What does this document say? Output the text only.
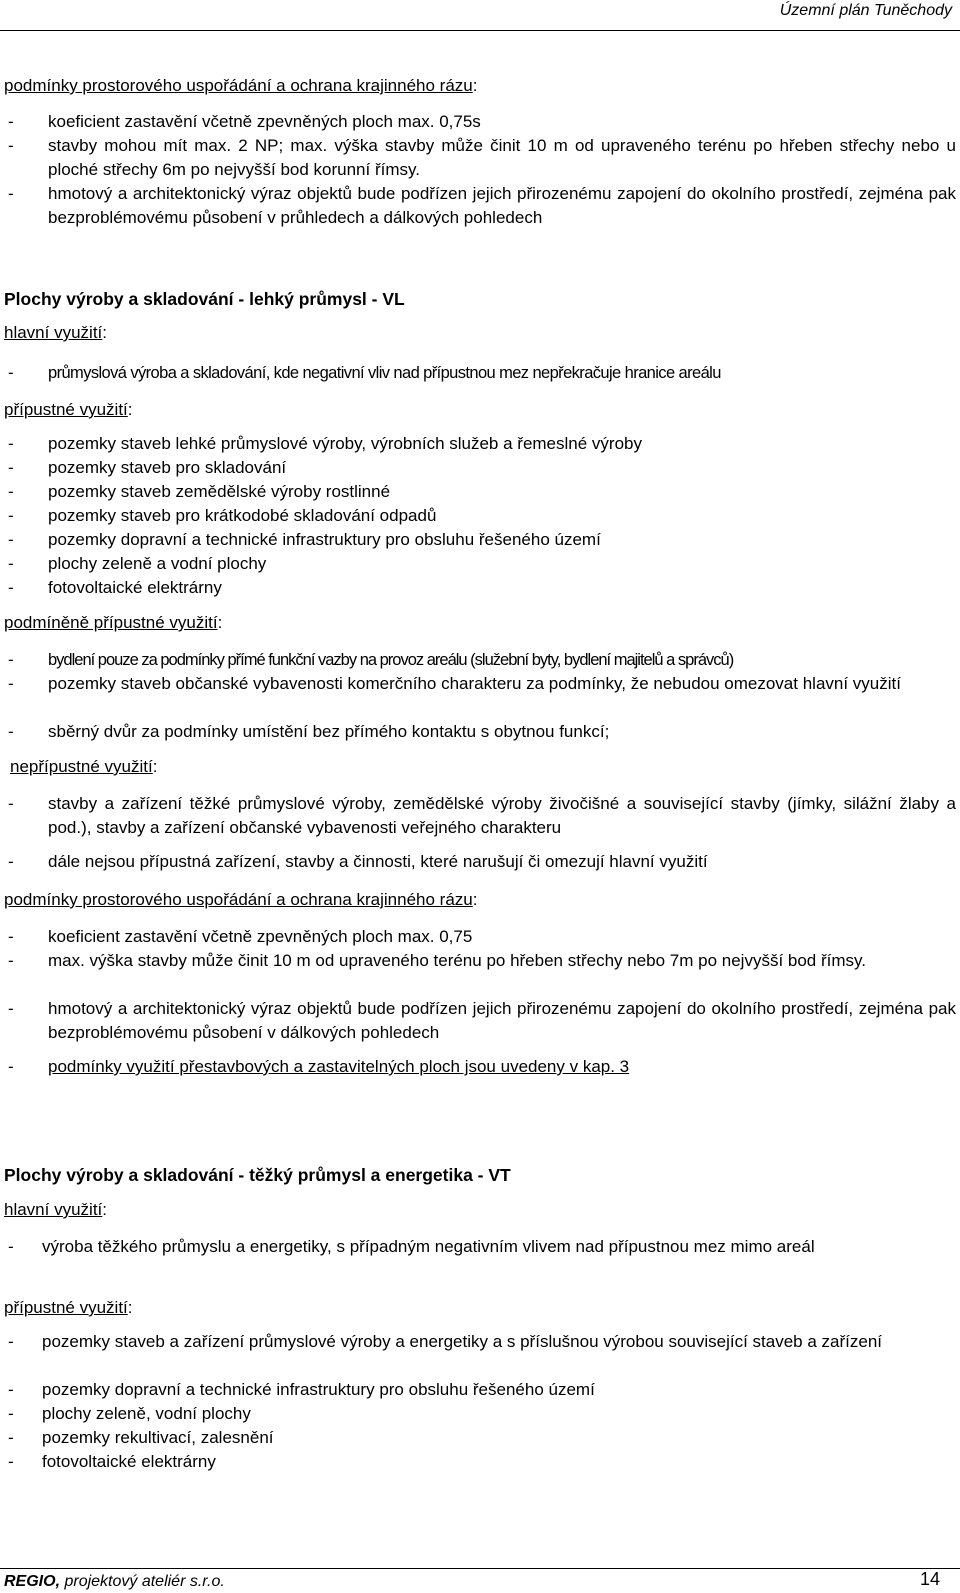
Územní plán Tuněchody
podmínky prostorového uspořádání a ochrana krajinného rázu:
- koeficient zastavění včetně zpevněných ploch max. 0,75s
- stavby mohou mít max. 2 NP; max. výška stavby může činit 10 m od upraveného terénu po hřeben střechy nebo u ploché střechy 6m po nejvyšší bod korunní římsy.
- hmotový a architektonický výraz objektů bude podřízen jejich přirozenému zapojení do okolního prostředí, zejména pak bezproblémovému působení v průhledech a dálkových pohledech
Plochy výroby a skladování - lehký průmysl - VL
hlavní využití:
- průmyslová výroba a skladování, kde negativní vliv nad přípustnou mez nepřekračuje hranice areálu
přípustné využití:
- pozemky staveb lehké průmyslové výroby, výrobních služeb a řemeslné výroby
- pozemky staveb pro skladování
- pozemky staveb zemědělské výroby rostlinné
- pozemky staveb pro krátkodobé skladování odpadů
- pozemky dopravní a technické infrastruktury pro obsluhu řešeného území
- plochy zeleně a vodní plochy
- fotovoltaické elektrárny
podmíněně přípustné využití:
- bydlení pouze za podmínky přímé funkční vazby na provoz areálu (služební byty, bydlení majitelů a správců)
- pozemky staveb občanské vybavenosti komerčního charakteru za podmínky, že nebudou omezovat hlavní využití
- sběrný dvůr za podmínky umístění bez přímého kontaktu s obytnou funkcí;
nepřípustné využití:
- stavby a zařízení těžké průmyslové výroby, zemědělské výroby živočišné a související stavby (jímky, silážní žlaby a pod.), stavby a zařízení občanské vybavenosti veřejného charakteru
- dále nejsou přípustná zařízení, stavby a činnosti, které narušují či omezují hlavní využití
podmínky prostorového uspořádání a ochrana krajinného rázu:
- koeficient zastavění včetně zpevněných ploch max. 0,75
- max. výška stavby může činit 10 m od upraveného terénu po hřeben střechy nebo 7m po nejvyšší bod římsy.
- hmotový a architektonický výraz objektů bude podřízen jejich přirozenému zapojení do okolního prostředí, zejména pak bezproblémovému působení v dálkových pohledech
- podmínky využití přestavbových a zastavitelných ploch jsou uvedeny v kap. 3
Plochy výroby a skladování - těžký průmysl a energetika - VT
hlavní využití:
- výroba těžkého průmyslu a energetiky, s případným negativním vlivem nad přípustnou mez mimo areál
přípustné využití:
- pozemky staveb a zařízení průmyslové výroby a energetiky a s příslušnou výrobou související staveb a zařízení
- pozemky dopravní a technické infrastruktury pro obsluhu řešeného území
- plochy zeleně, vodní plochy
- pozemky rekultivací, zalesnění
- fotovoltaické elektrárny
REGIO, projektový ateliér s.r.o.	14
